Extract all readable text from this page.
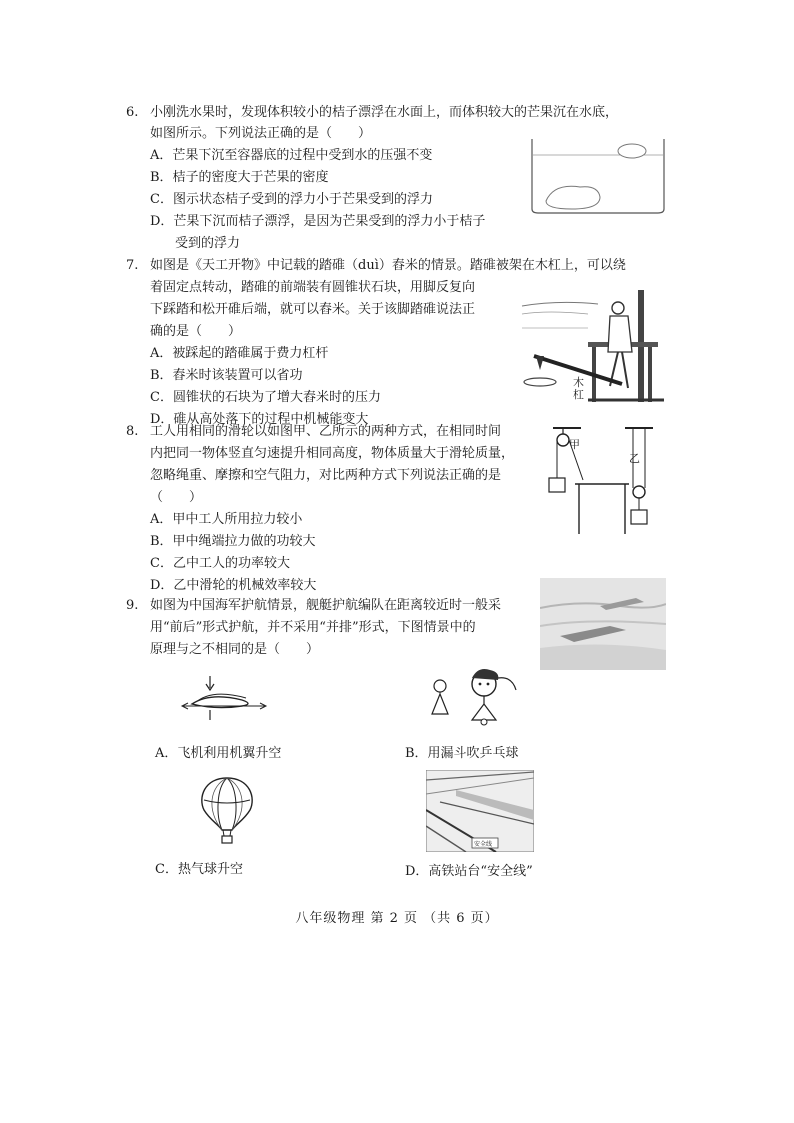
6. 小刚洗水果时，发现体积较小的桔子漂浮在水面上，而体积较大的芒果沉在水底，
如图所示。下列说法正确的是（　　）
A．芒果下沉至容器底的过程中受到水的压强不变
B．桔子的密度大于芒果的密度
C．图示状态桔子受到的浮力小于芒果受到的浮力
D．芒果下沉而桔子漂浮，是因为芒果受到的浮力小于桔子
受到的浮力
7. 如图是《天工开物》中记载的踏碓（duì）舂米的情景。踏碓被架在木杠上，可以绕
着固定点转动，踏碓的前端装有圆锥状石块，用脚反复向
下踩踏和松开碓后端，就可以舂米。关于该脚踏碓说法正
确的是（　　）
A．被踩起的踏碓属于费力杠杆
B．舂米时该装置可以省功
C．圆锥状的石块为了增大舂米时的压力
D．碓从高处落下的过程中机械能变大
木
杠
8. 工人用相同的滑轮以如图甲、乙所示的两种方式，在相同时间
内把同一物体竖直匀速提升相同高度，物体质量大于滑轮质量，
忽略绳重、摩擦和空气阻力，对比两种方式下列说法正确的是
（　　）
A．甲中工人所用拉力较小
B．甲中绳端拉力做的功较大
C．乙中工人的功率较大
D．乙中滑轮的机械效率较大
甲
乙
9. 如图为中国海军护航情景，舰艇护航编队在距离较近时一般采
用“前后”形式护航，并不采用“并排”形式，下图情景中的
原理与之不相同的是（　　）
A．飞机利用机翼升空	B．用漏斗吹乒乓球
C．热气球升空
安全线
D．高铁站台“安全线”
八年级物理 第 2 页 （共 6 页）
